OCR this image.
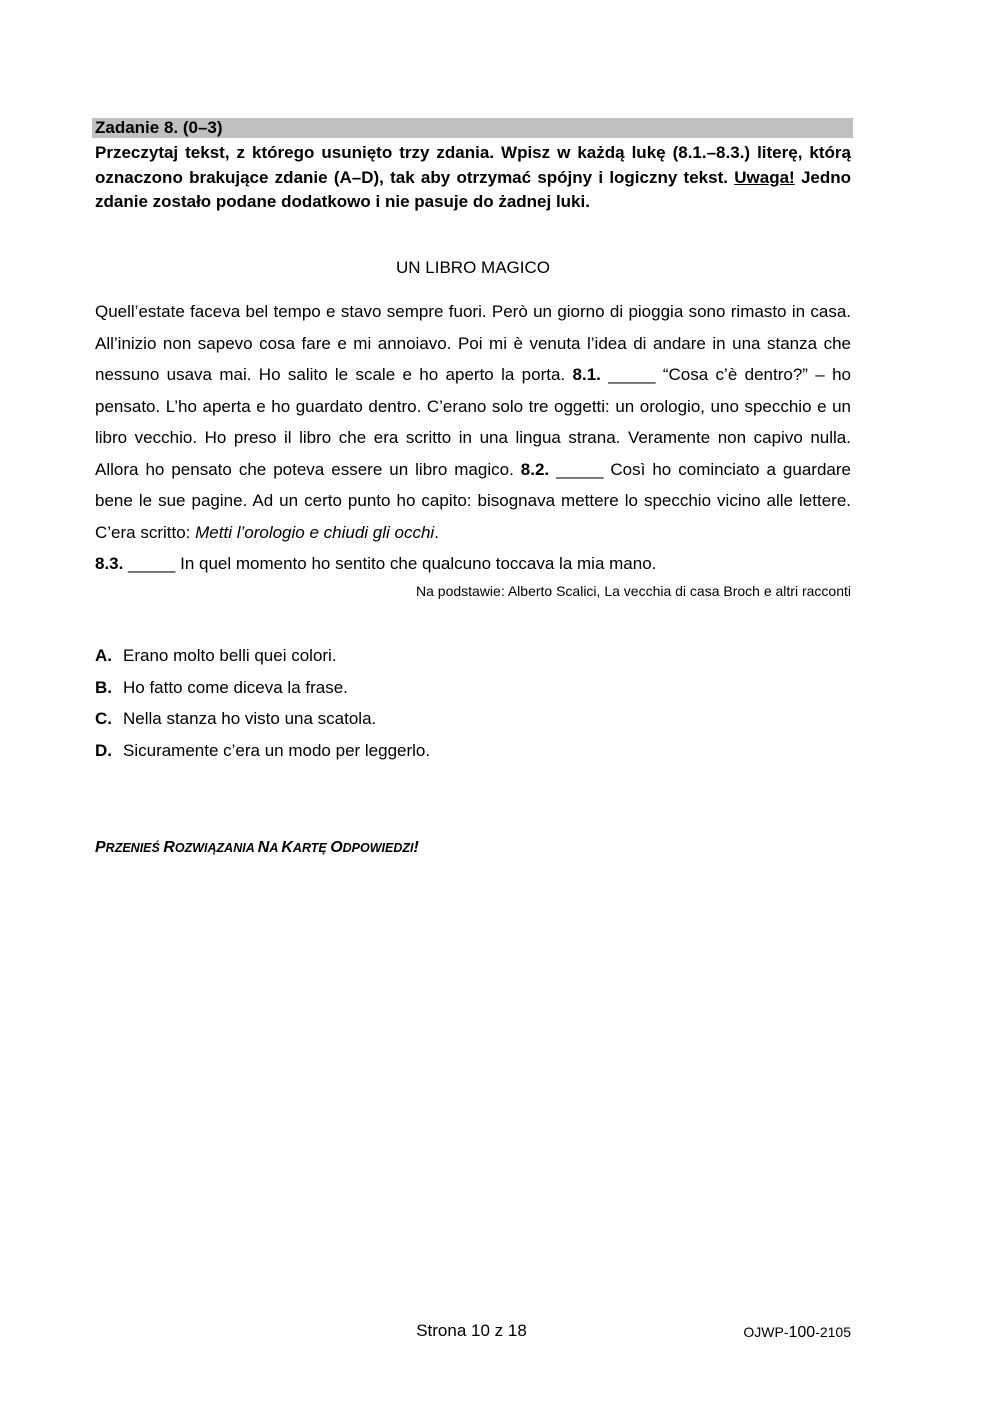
Zadanie 8. (0–3)
Przeczytaj tekst, z którego usunięto trzy zdania. Wpisz w każdą lukę (8.1.–8.3.) literę, którą oznaczono brakujące zdanie (A–D), tak aby otrzymać spójny i logiczny tekst. Uwaga! Jedno zdanie zostało podane dodatkowo i nie pasuje do żadnej luki.
UN LIBRO MAGICO
Quell’estate faceva bel tempo e stavo sempre fuori. Però un giorno di pioggia sono rimasto in casa. All’inizio non sapevo cosa fare e mi annoiavo. Poi mi è venuta l’idea di andare in una stanza che nessuno usava mai. Ho salito le scale e ho aperto la porta. 8.1. _____ “Cosa c’è dentro?” – ho pensato. L’ho aperta e ho guardato dentro. C’erano solo tre oggetti: un orologio, uno specchio e un libro vecchio. Ho preso il libro che era scritto in una lingua strana. Veramente non capivo nulla. Allora ho pensato che poteva essere un libro magico. 8.2. _____ Così ho cominciato a guardare bene le sue pagine. Ad un certo punto ho capito: bisognava mettere lo specchio vicino alle lettere. C’era scritto: Metti l’orologio e chiudi gli occhi.
8.3. _____ In quel momento ho sentito che qualcuno toccava la mia mano.
Na podstawie: Alberto Scalici, La vecchia di casa Broch e altri racconti
A. Erano molto belli quei colori.
B. Ho fatto come diceva la frase.
C. Nella stanza ho visto una scatola.
D. Sicuramente c’era un modo per leggerlo.
PRZENIEŚ ROZWIĄZANIA NA KARTĘ ODPOWIEDZI!
Strona 10 z 18	OJWP-100-2105
